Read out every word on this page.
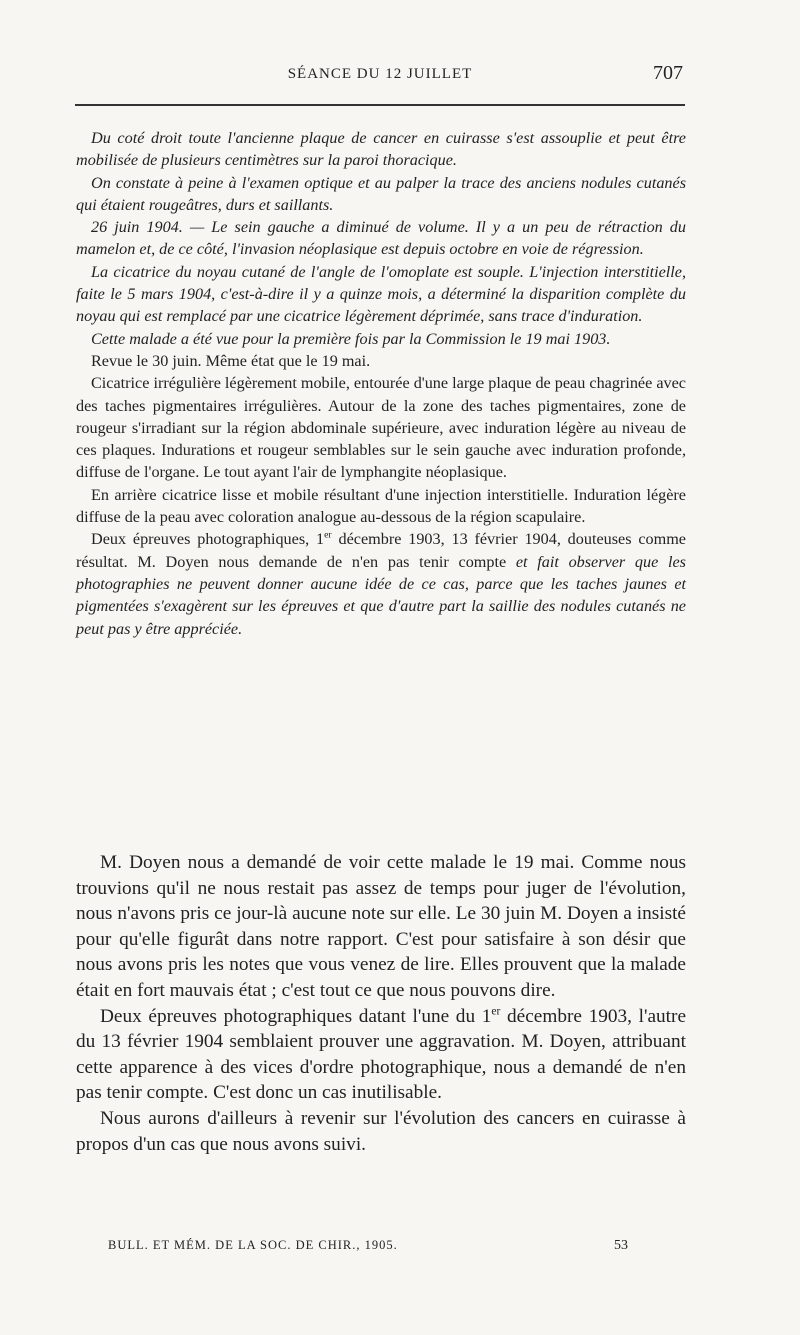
SÉANCE DU 12 JUILLET	707

Du coté droit toute l'ancienne plaque de cancer en cuirasse s'est assouplie et peut être mobilisée de plusieurs centimètres sur la paroi thoracique.

On constate à peine à l'examen optique et au palper la trace des anciens nodules cutanés qui étaient rougeâtres, durs et saillants.

26 juin 1904. — Le sein gauche a diminué de volume. Il y a un peu de rétraction du mamelon et, de ce côté, l'invasion néoplasique est depuis octobre en voie de régression.

La cicatrice du noyau cutané de l'angle de l'omoplate est souple. L'injection interstitielle, faite le 5 mars 1904, c'est-à-dire il y a quinze mois, a déterminé la disparition complète du noyau qui est remplacé par une cicatrice légèrement déprimée, sans trace d'induration.

Cette malade a été vue pour la première fois par la Commission le 19 mai 1903.

Revue le 30 juin. Même état que le 19 mai.

Cicatrice irrégulière légèrement mobile, entourée d'une large plaque de peau chagrinée avec des taches pigmentaires irrégulières. Autour de la zone des taches pigmentaires, zone de rougeur s'irradiant sur la région abdominale supérieure, avec induration légère au niveau de ces plaques. Indurations et rougeur semblables sur le sein gauche avec induration profonde, diffuse de l'organe. Le tout ayant l'air de lymphangite néoplasique.

En arrière cicatrice lisse et mobile résultant d'une injection interstitielle. Induration légère diffuse de la peau avec coloration analogue au-dessous de la région scapulaire.

Deux épreuves photographiques, 1er décembre 1903, 13 février 1904, douteuses comme résultat. M. Doyen nous demande de n'en pas tenir compte et fait observer que les photographies ne peuvent donner aucune idée de ce cas, parce que les taches jaunes et pigmentées s'exagèrent sur les épreuves et que d'autre part la saillie des nodules cutanés ne peut pas y être appréciée.

M. Doyen nous a demandé de voir cette malade le 19 mai. Comme nous trouvions qu'il ne nous restait pas assez de temps pour juger de l'évolution, nous n'avons pris ce jour-là aucune note sur elle. Le 30 juin M. Doyen a insisté pour qu'elle figurât dans notre rapport. C'est pour satisfaire à son désir que nous avons pris les notes que vous venez de lire. Elles prouvent que la malade était en fort mauvais état ; c'est tout ce que nous pouvons dire.

Deux épreuves photographiques datant l'une du 1er décembre 1903, l'autre du 13 février 1904 semblaient prouver une aggravation. M. Doyen, attribuant cette apparence à des vices d'ordre photographique, nous a demandé de n'en pas tenir compte. C'est donc un cas inutilisable.

Nous aurons d'ailleurs à revenir sur l'évolution des cancers en cuirasse à propos d'un cas que nous avons suivi.

BULL. ET MÉM. DE LA SOC. DE CHIR., 1905.	53
